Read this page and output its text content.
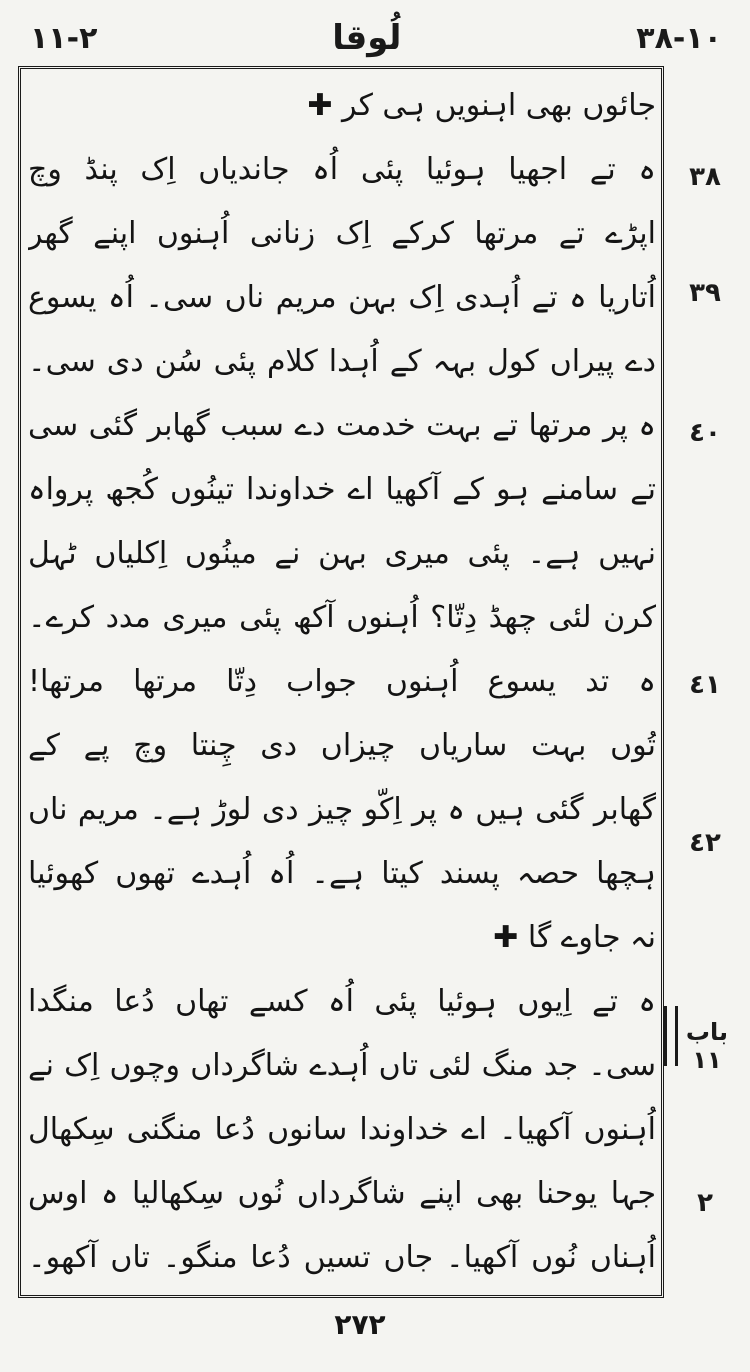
٢-١١	لُوقا	١٠-٣٨
جائوں بھی اہنویں ہی کر ✚
ہ تے اجھیا ہوئیا پئی اُہ جاندیاں اِک پنڈ وچ
اپڑے تے مرتھا کرکے اِک زنانی اُہنوں اپنے گھر
اُتاریا ہ تے اُہدی اِک بہن مریم ناں سی۔ اُہ یسوع
دے پیراں کول بہہ کے اُہدا کلام پئی سُن دی سی۔
ہ پر مرتھا تے بہت خدمت دے سبب گھابر گئی سی
تے سامنے ہو کے آکھیا اے خداوندا تینُوں کُجھ پرواہ
نہیں ہے۔ پئی میری بہن نے مینُوں اِکلیاں ٹہل
کرن لئی چھڈ دِتّا؟ اُہنوں آکھ پئی میری مدد کرے۔
ہ تد یسوع اُہنوں جواب دِتّا مرتھا مرتھا!
تُوں بہت ساریاں چیزاں دی چِنتا وچ پے کے
گھابر گئی ہیں ہ پر اِکّو چیز دی لوڑ ہے۔ مریم ناں
ہچھا حصہ پسند کیتا ہے۔ اُہ اُہدے تھوں کھوئیا
نہ جاوے گا ✚
ہ تے اِیوں ہوئیا پئی اُہ کسے تھاں دُعا منگدا
سی۔ جد منگ لئی تاں اُہدے شاگرداں وچوں اِک نے
اُہنوں آکھیا۔ اے خداوندا سانوں دُعا منگنی سِکھال
جہا یوحنا بھی اپنے شاگرداں نُوں سِکھالیا ہ اوس
اُہناں نُوں آکھیا۔ جاں تسیں دُعا منگو۔ تاں آکھو۔
٣٨
٣٩
٤٠
٤١
٤٢
باب ١١
٢
٢٧٢
